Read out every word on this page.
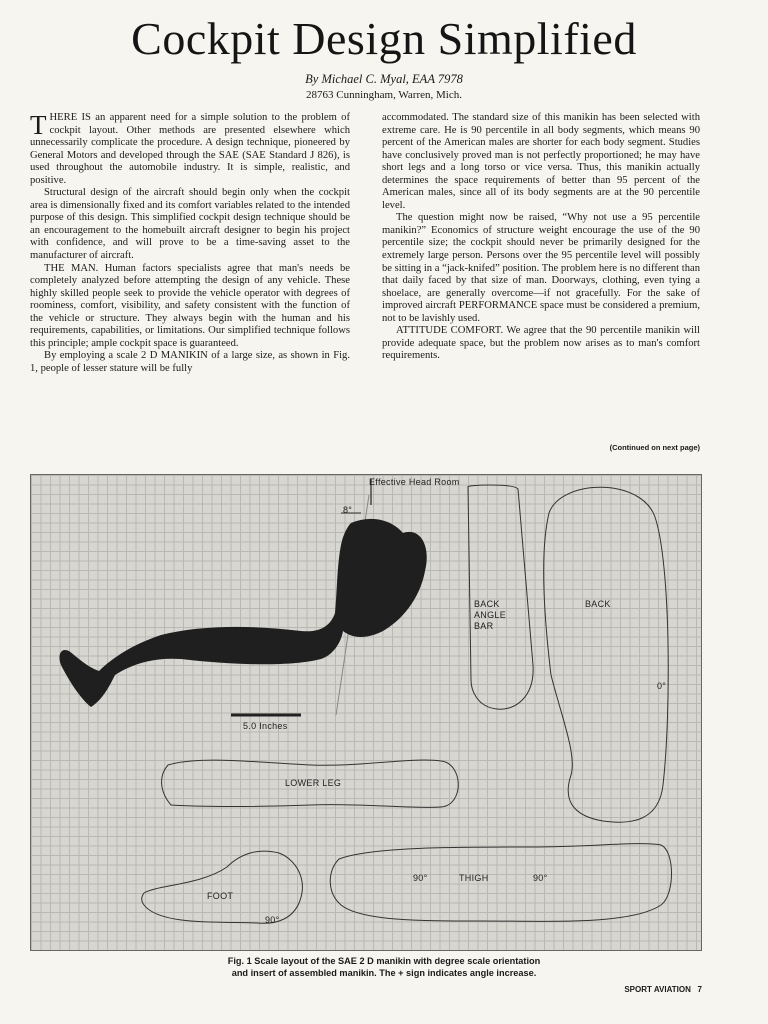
Cockpit Design Simplified
By Michael C. Myal, EAA 7978
28763 Cunningham, Warren, Mich.

THERE IS an apparent need for a simple solution to the problem of cockpit layout. Other methods are presented elsewhere which unnecessarily complicate the procedure. A design technique, pioneered by General Motors and developed through the SAE (SAE Standard J 826), is used throughout the automobile industry. It is simple, realistic, and positive.

Structural design of the aircraft should begin only when the cockpit area is dimensionally fixed and its comfort variables related to the intended purpose of this design. This simplified cockpit design technique should be an encouragement to the homebuilt aircraft designer to begin his project with confidence, and will prove to be a time-saving asset to the manufacturer of aircraft.

THE MAN. Human factors specialists agree that man's needs be completely analyzed before attempting the design of any vehicle. These highly skilled people seek to provide the vehicle operator with degrees of roominess, comfort, visibility, and safety consistent with the function of the vehicle or structure. They always begin with the human and his requirements, capabilities, or limitations. Our simplified technique follows this principle; ample cockpit space is guaranteed.

By employing a scale 2 D MANIKIN of a large size, as shown in Fig. 1, people of lesser stature will be fully

accommodated. The standard size of this manikin has been selected with extreme care. He is 90 percentile in all body segments, which means 90 percent of the American males are shorter for each body segment. Studies have conclusively proved man is not perfectly proportioned; he may have short legs and a long torso or vice versa. Thus, this manikin actually determines the space requirements of better than 95 percent of the American males, since all of its body segments are at the 90 percentile level.

The question might now be raised, “Why not use a 95 percentile manikin?” Economics of structure weight encourage the use of the 90 percentile size; the cockpit should never be primarily designed for the extremely large person. Persons over the 95 percentile level will possibly be sitting in a “jack-knifed” position. The problem here is no different than that daily faced by that size of man. Doorways, clothing, even tying a shoelace, are generally overcome—if not gracefully. For the sake of improved aircraft PERFORMANCE space must be considered a premium, not to be lavishly used.

ATTITUDE COMFORT. We agree that the 90 percentile manikin will provide adequate space, but the problem now arises as to man's comfort requirements.

(Continued on next page)
Effective Head Room
8°
BACK
ANGLE
BAR
BACK
0°
5.0 Inches
LOWER LEG
FOOT
90°
90°	THIGH	90°
Fig. 1 Scale layout of the SAE 2 D manikin with degree scale orientation
and insert of assembled manikin. The + sign indicates angle increase.
SPORT AVIATION 7
